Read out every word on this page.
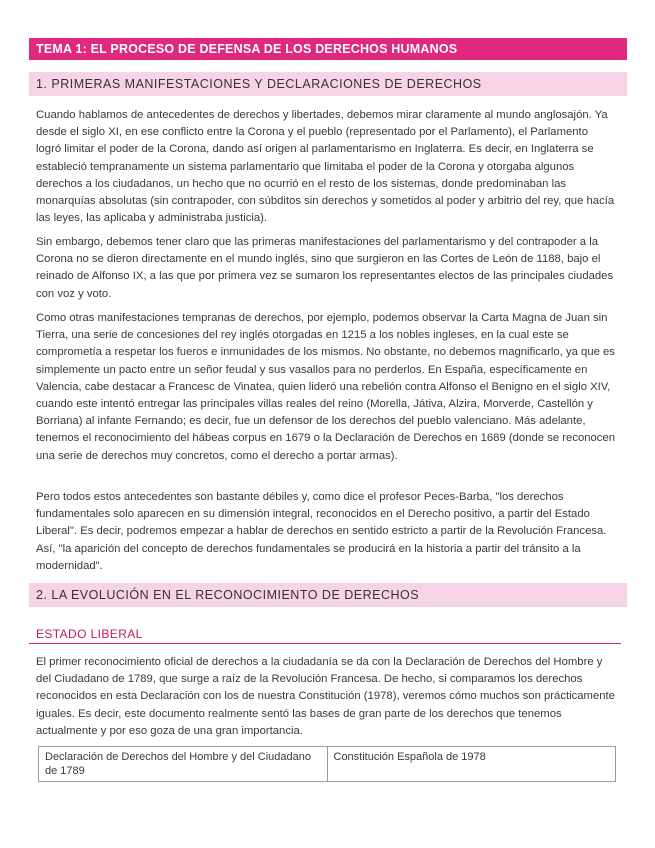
TEMA 1: EL PROCESO DE DEFENSA DE LOS DERECHOS HUMANOS
1. PRIMERAS MANIFESTACIONES Y DECLARACIONES DE DERECHOS

Cuando hablamos de antecedentes de derechos y libertades, debemos mirar claramente al mundo anglosajón. Ya desde el siglo XI, en ese conflicto entre la Corona y el pueblo (representado por el Parlamento), el Parlamento logró limitar el poder de la Corona, dando así origen al parlamentarismo en Inglaterra. Es decir, en Inglaterra se estableció tempranamente un sistema parlamentario que limitaba el poder de la Corona y otorgaba algunos derechos a los ciudadanos, un hecho que no ocurrió en el resto de los sistemas, donde predominaban las monarquías absolutas (sin contrapoder, con súbditos sin derechos y sometidos al poder y arbitrio del rey, que hacía las leyes, las aplicaba y administraba justicia).

Sin embargo, debemos tener claro que las primeras manifestaciones del parlamentarismo y del contrapoder a la Corona no se dieron directamente en el mundo inglés, sino que surgieron en las Cortes de León de 1188, bajo el reinado de Alfonso IX, a las que por primera vez se sumaron los representantes electos de las principales ciudades con voz y voto.

Como otras manifestaciones tempranas de derechos, por ejemplo, podemos observar la Carta Magna de Juan sin Tierra, una serie de concesiones del rey inglés otorgadas en 1215 a los nobles ingleses, en la cual este se comprometía a respetar los fueros e inmunidades de los mismos. No obstante, no debemos magnificarlo, ya que es simplemente un pacto entre un señor feudal y sus vasallos para no perderlos. En España, específicamente en Valencia, cabe destacar a Francesc de Vinatea, quien lideró una rebelión contra Alfonso el Benigno en el siglo XIV, cuando este intentó entregar las principales villas reales del reino (Morella, Játiva, Alzira, Morverde, Castellón y Borriana) al infante Fernando; es decir, fue un defensor de los derechos del pueblo valenciano. Más adelante, tenemos el reconocimiento del hábeas corpus en 1679 o la Declaración de Derechos en 1689 (donde se reconocen una serie de derechos muy concretos, como el derecho a portar armas).

Pero todos estos antecedentes son bastante débiles y, como dice el profesor Peces-Barba, "los derechos fundamentales solo aparecen en su dimensión integral, reconocidos en el Derecho positivo, a partir del Estado Liberal". Es decir, podremos empezar a hablar de derechos en sentido estricto a partir de la Revolución Francesa. Así, "la aparición del concepto de derechos fundamentales se producirá en la historia a partir del tránsito a la modernidad".

2. LA EVOLUCIÓN EN EL RECONOCIMIENTO DE DERECHOS
ESTADO LIBERAL

El primer reconocimiento oficial de derechos a la ciudadanía se da con la Declaración de Derechos del Hombre y del Ciudadano de 1789, que surge a raíz de la Revolución Francesa. De hecho, si comparamos los derechos reconocidos en esta Declaración con los de nuestra Constitución (1978), veremos cómo muchos son prácticamente iguales. Es decir, este documento realmente sentó las bases de gran parte de los derechos que tenemos actualmente y por eso goza de una gran importancia.

Declaración de Derechos del Hombre y del Ciudadano de 1789	Constitución Española de 1978
